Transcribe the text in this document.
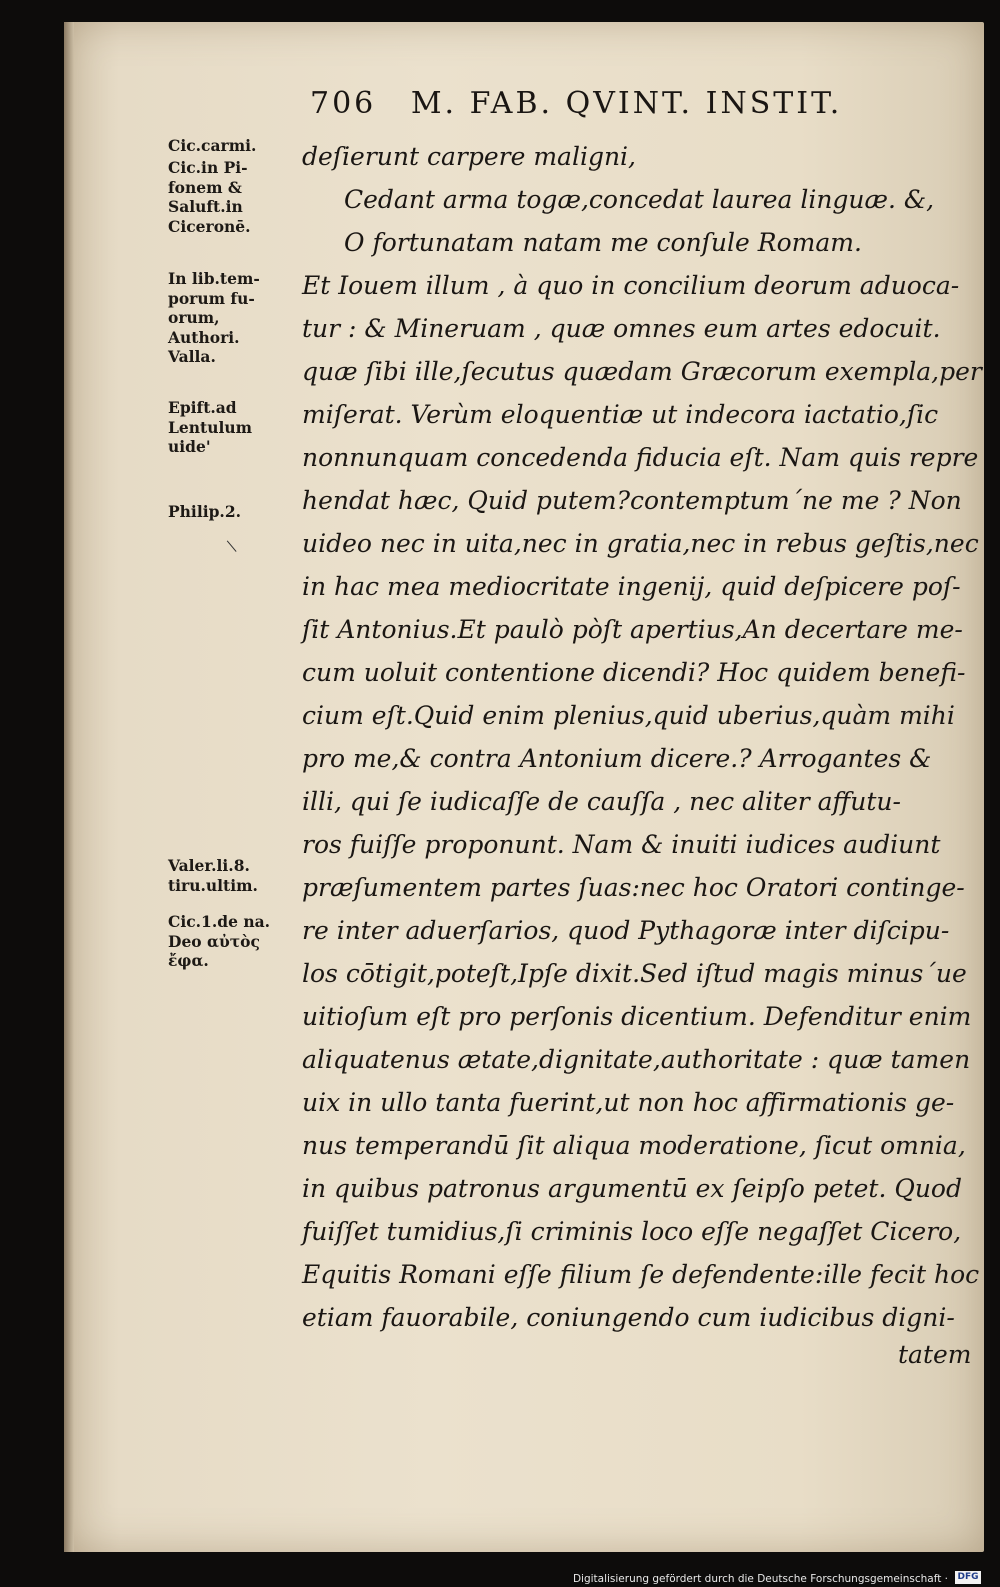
706 M. FAB. QVINT. INSTIT.
Cic.carmi.
Cic.in Pi-
fonem &
Saluft.in
Ciceronē.
In lib.tem-
porum fu-
orum,
Authori.
Valla.
Epift.ad
Lentulum
uide'
Philip.2.
Valer.li.8.
tiru.ultim.
Cic.1.de na.
Deo αὐτὸς
ἔφα.
deſierunt carpere maligni,
Cedant arma togæ,concedat laurea linguæ. &,
O fortunatam natam me conſule Romam.
Et Iouem illum , à quo in concilium deorum aduoca-
tur : & Mineruam , quæ omnes eum artes edocuit.
quæ ſibi ille,ſecutus quædam Græcorum exempla,per
miſerat. Verùm eloquentiæ ut indecora iactatio,ſic
nonnunquam concedenda fiducia eſt. Nam quis repre
hendat hæc, Quid putem?contemptum´ne me ? Non
uideo nec in uita,nec in gratia,nec in rebus geſtis,nec
in hac mea mediocritate ingenij, quid deſpicere poſ-
ſit Antonius.Et paulò pòſt apertius,An decertare me-
cum uoluit contentione dicendi? Hoc quidem benefi-
cium eſt.Quid enim plenius,quid uberius,quàm mihi
pro me,& contra Antonium dicere.? Arrogantes &
illi, qui ſe iudicaſſe de cauſſa , nec aliter affutu-
ros fuiſſe proponunt. Nam & inuiti iudices audiunt
præſumentem partes ſuas:nec hoc Oratori continge-
re inter aduerſarios, quod Pythagoræ inter diſcipu-
los cōtigit,poteſt,Ipſe dixit.Sed iſtud magis minus´ue
uitioſum eſt pro perſonis dicentium. Defenditur enim
aliquatenus ætate,dignitate,authoritate : quæ tamen
uix in ullo tanta fuerint,ut non hoc affirmationis ge-
nus temperandū ſit aliqua moderatione, ſicut omnia,
in quibus patronus argumentū ex ſeipſo petet. Quod
fuiſſet tumidius,ſi criminis loco eſſe negaſſet Cicero,
Equitis Romani eſſe filium ſe defendente:ille fecit hoc
etiam fauorabile, coniungendo cum iudicibus digni-
tatem
Digitalisierung gefördert durch die Deutsche Forschungsgemeinschaft · DFG
